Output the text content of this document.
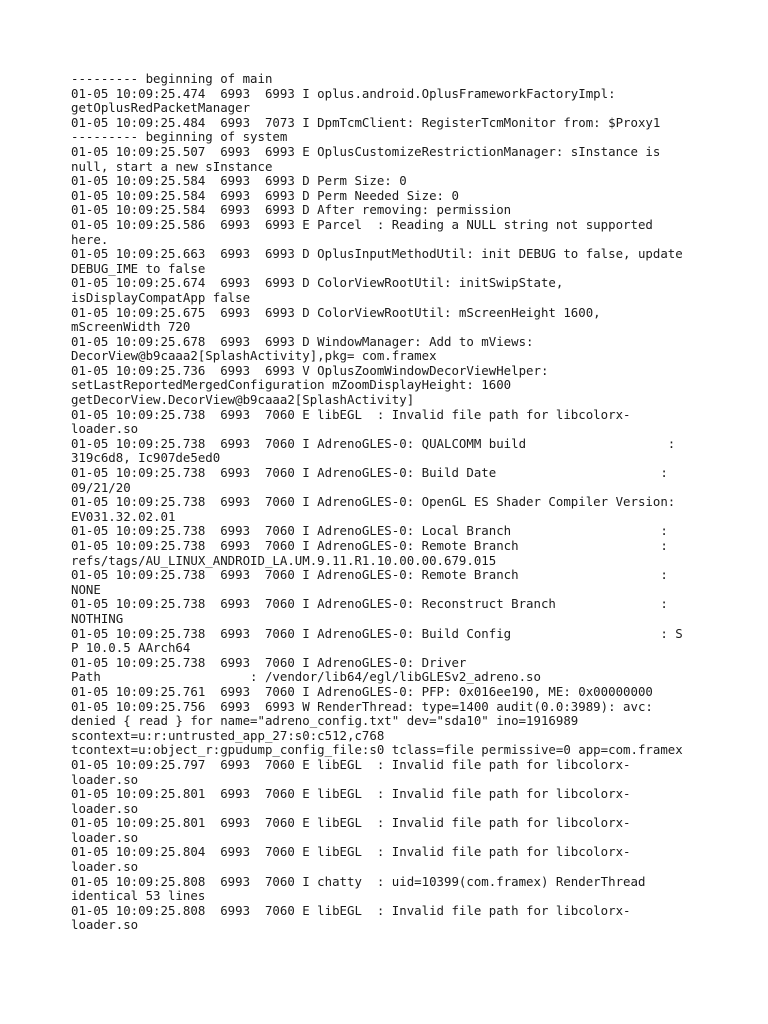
--------- beginning of main
01-05 10:09:25.474  6993  6993 I oplus.android.OplusFrameworkFactoryImpl:
getOplusRedPacketManager
01-05 10:09:25.484  6993  7073 I DpmTcmClient: RegisterTcmMonitor from: $Proxy1
--------- beginning of system
01-05 10:09:25.507  6993  6993 E OplusCustomizeRestrictionManager: sInstance is
null, start a new sInstance
01-05 10:09:25.584  6993  6993 D Perm Size: 0
01-05 10:09:25.584  6993  6993 D Perm Needed Size: 0
01-05 10:09:25.584  6993  6993 D After removing: permission
01-05 10:09:25.586  6993  6993 E Parcel  : Reading a NULL string not supported
here.
01-05 10:09:25.663  6993  6993 D OplusInputMethodUtil: init DEBUG to false, update
DEBUG_IME to false
01-05 10:09:25.674  6993  6993 D ColorViewRootUtil: initSwipState,
isDisplayCompatApp false
01-05 10:09:25.675  6993  6993 D ColorViewRootUtil: mScreenHeight 1600,
mScreenWidth 720
01-05 10:09:25.678  6993  6993 D WindowManager: Add to mViews:
DecorView@b9caaa2[SplashActivity],pkg= com.framex
01-05 10:09:25.736  6993  6993 V OplusZoomWindowDecorViewHelper:
setLastReportedMergedConfiguration mZoomDisplayHeight: 1600
getDecorView.DecorView@b9caaa2[SplashActivity]
01-05 10:09:25.738  6993  7060 E libEGL  : Invalid file path for libcolorx-
loader.so
01-05 10:09:25.738  6993  7060 I AdrenoGLES-0: QUALCOMM build                   :
319c6d8, Ic907de5ed0
01-05 10:09:25.738  6993  7060 I AdrenoGLES-0: Build Date                      :
09/21/20
01-05 10:09:25.738  6993  7060 I AdrenoGLES-0: OpenGL ES Shader Compiler Version:
EV031.32.02.01
01-05 10:09:25.738  6993  7060 I AdrenoGLES-0: Local Branch                    :
01-05 10:09:25.738  6993  7060 I AdrenoGLES-0: Remote Branch                   :
refs/tags/AU_LINUX_ANDROID_LA.UM.9.11.R1.10.00.00.679.015
01-05 10:09:25.738  6993  7060 I AdrenoGLES-0: Remote Branch                   :
NONE
01-05 10:09:25.738  6993  7060 I AdrenoGLES-0: Reconstruct Branch              :
NOTHING
01-05 10:09:25.738  6993  7060 I AdrenoGLES-0: Build Config                    : S
P 10.0.5 AArch64
01-05 10:09:25.738  6993  7060 I AdrenoGLES-0: Driver
Path                    : /vendor/lib64/egl/libGLESv2_adreno.so
01-05 10:09:25.761  6993  7060 I AdrenoGLES-0: PFP: 0x016ee190, ME: 0x00000000
01-05 10:09:25.756  6993  6993 W RenderThread: type=1400 audit(0.0:3989): avc:
denied { read } for name="adreno_config.txt" dev="sda10" ino=1916989
scontext=u:r:untrusted_app_27:s0:c512,c768
tcontext=u:object_r:gpudump_config_file:s0 tclass=file permissive=0 app=com.framex
01-05 10:09:25.797  6993  7060 E libEGL  : Invalid file path for libcolorx-
loader.so
01-05 10:09:25.801  6993  7060 E libEGL  : Invalid file path for libcolorx-
loader.so
01-05 10:09:25.801  6993  7060 E libEGL  : Invalid file path for libcolorx-
loader.so
01-05 10:09:25.804  6993  7060 E libEGL  : Invalid file path for libcolorx-
loader.so
01-05 10:09:25.808  6993  7060 I chatty  : uid=10399(com.framex) RenderThread
identical 53 lines
01-05 10:09:25.808  6993  7060 E libEGL  : Invalid file path for libcolorx-
loader.so
